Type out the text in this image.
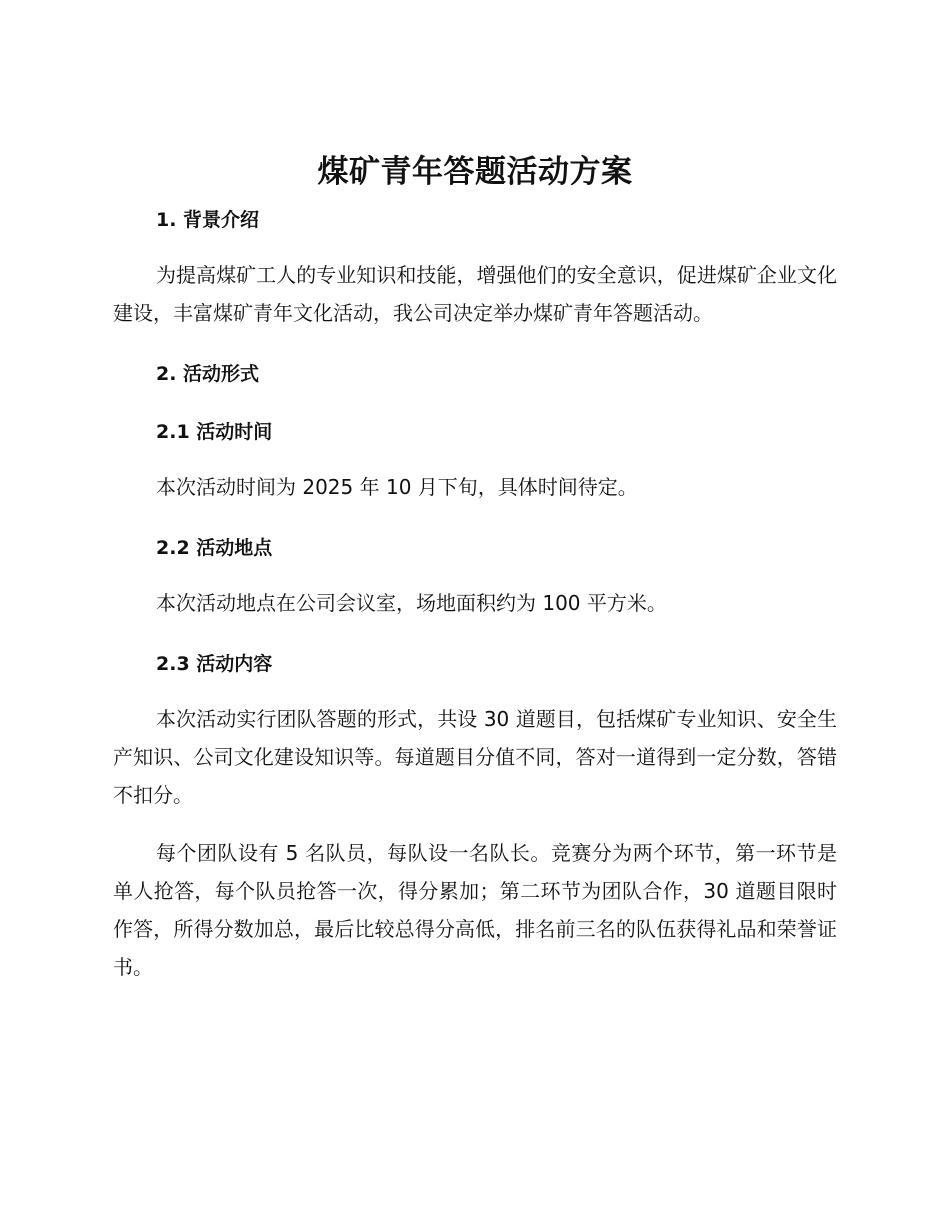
煤矿青年答题活动方案
1. 背景介绍

为提高煤矿工人的专业知识和技能，增强他们的安全意识，促进煤矿企业文化建设，丰富煤矿青年文化活动，我公司决定举办煤矿青年答题活动。

2. 活动形式
2.1 活动时间

本次活动时间为 2025 年 10 月下旬，具体时间待定。

2.2 活动地点

本次活动地点在公司会议室，场地面积约为 100 平方米。

2.3 活动内容

本次活动实行团队答题的形式，共设 30 道题目，包括煤矿专业知识、安全生产知识、公司文化建设知识等。每道题目分值不同，答对一道得到一定分数，答错不扣分。

每个团队设有 5 名队员，每队设一名队长。竞赛分为两个环节，第一环节是单人抢答，每个队员抢答一次，得分累加；第二环节为团队合作，30 道题目限时作答，所得分数加总，最后比较总得分高低，排名前三名的队伍获得礼品和荣誉证书。
